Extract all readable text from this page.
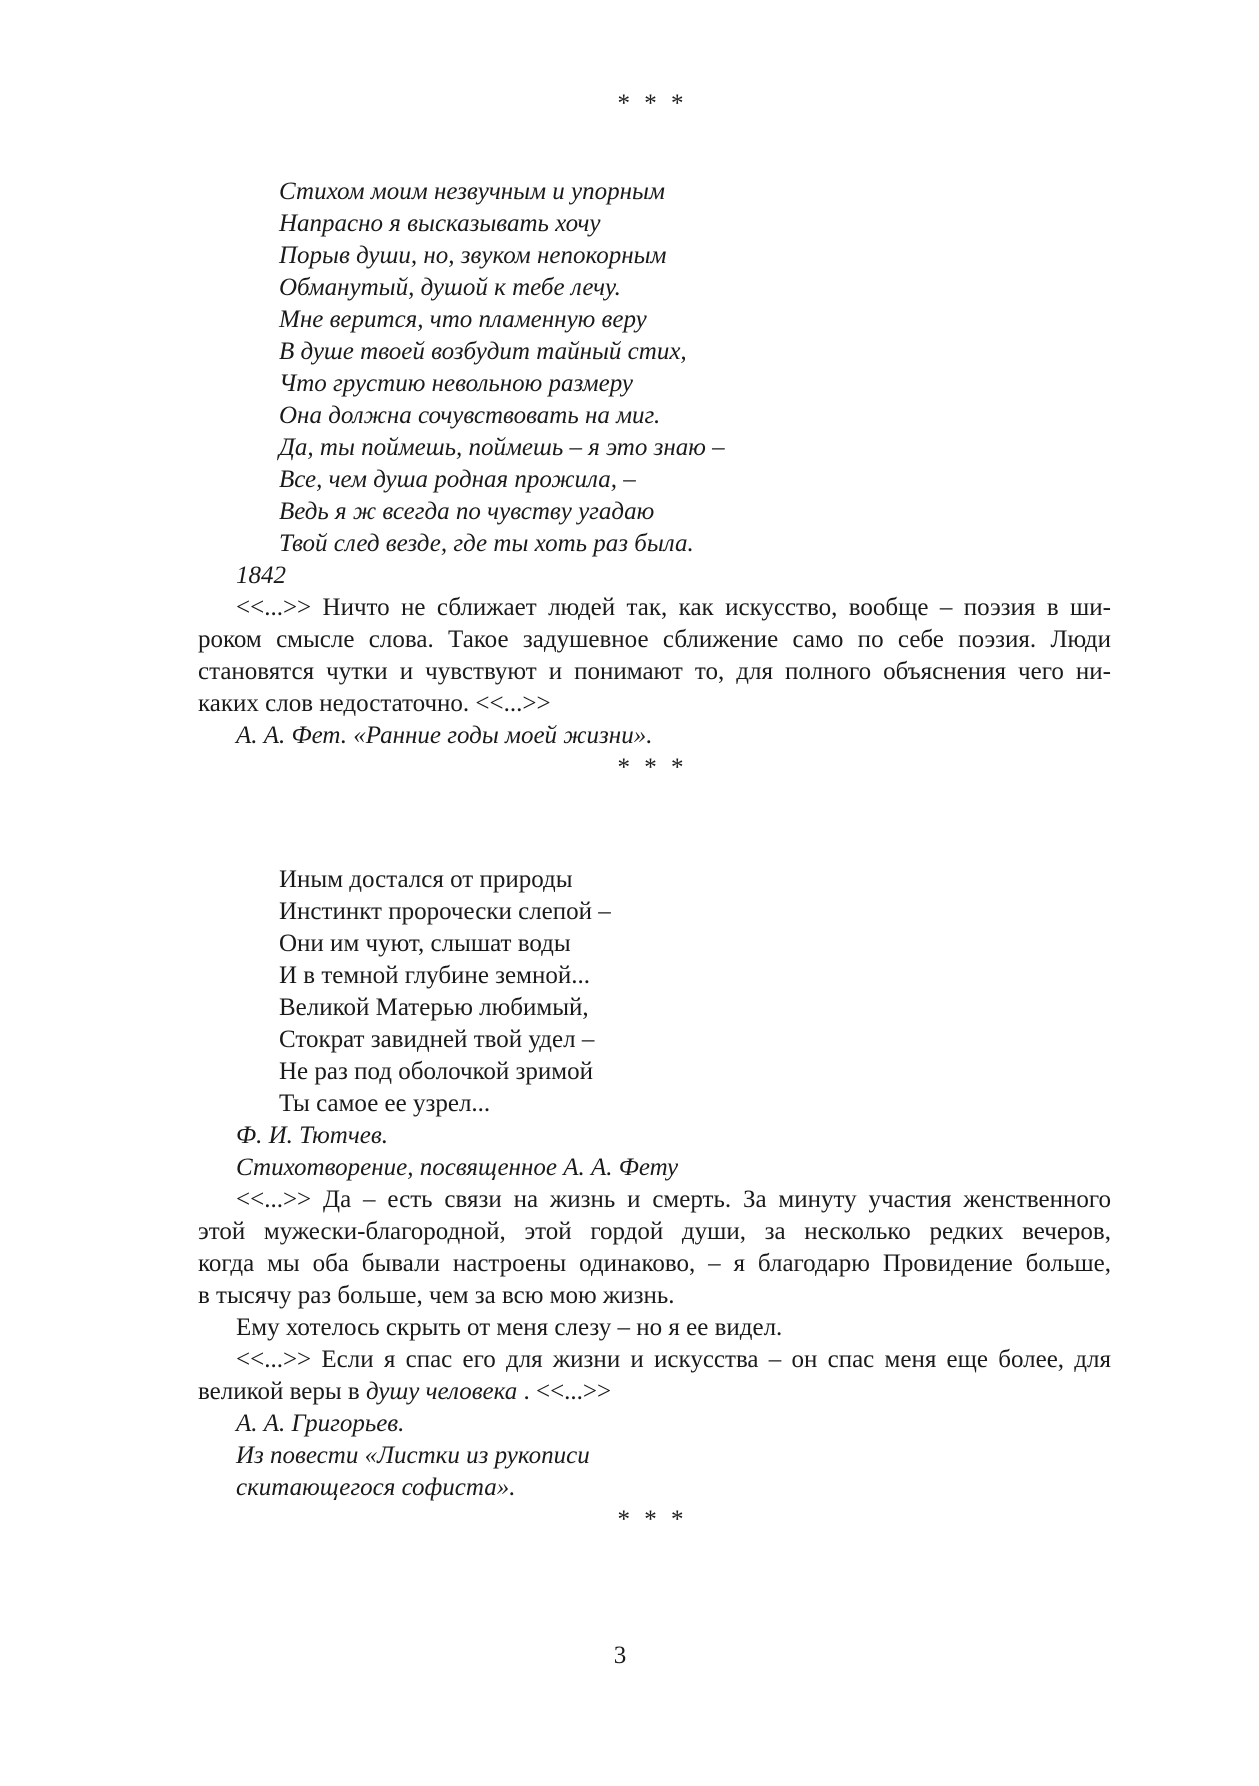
* * *
Стихом моим незвучным и упорным
Напрасно я высказывать хочу
Порыв души, но, звуком непокорным
Обманутый, душой к тебе лечу.
Мне верится, что пламенную веру
В душе твоей возбудит тайный стих,
Что грустию невольною размеру
Она должна сочувствовать на миг.
Да, ты поймешь, поймешь – я это знаю –
Все, чем душа родная прожила, –
Ведь я ж всегда по чувству угадаю
Твой след везде, где ты хоть раз была.
1842
<<...>> Ничто не сближает людей так, как искусство, вообще – поэзия в ши-
роком смысле слова. Такое задушевное сближение само по себе поэзия. Люди
становятся чутки и чувствуют и понимают то, для полного объяснения чего ни-
каких слов недостаточно. <<...>>
А. А. Фет. «Ранние годы моей жизни».
* * *
Иным достался от природы
Инстинкт пророчески слепой –
Они им чуют, слышат воды
И в темной глубине земной...
Великой Матерью любимый,
Стократ завидней твой удел –
Не раз под оболочкой зримой
Ты самое ее узрел...
Ф. И. Тютчев.
Стихотворение, посвященное А. А. Фету
<<...>> Да – есть связи на жизнь и смерть. За минуту участия женственного
этой мужески-благородной, этой гордой души, за несколько редких вечеров,
когда мы оба бывали настроены одинаково, – я благодарю Провидение больше,
в тысячу раз больше, чем за всю мою жизнь.
Ему хотелось скрыть от меня слезу – но я ее видел.
<<...>> Если я спас его для жизни и искусства – он спас меня еще более, для
великой веры в душу человека . <<...>>
А. А. Григорьев.
Из повести «Листки из рукописи
скитающегося софиста».
* * *
3
